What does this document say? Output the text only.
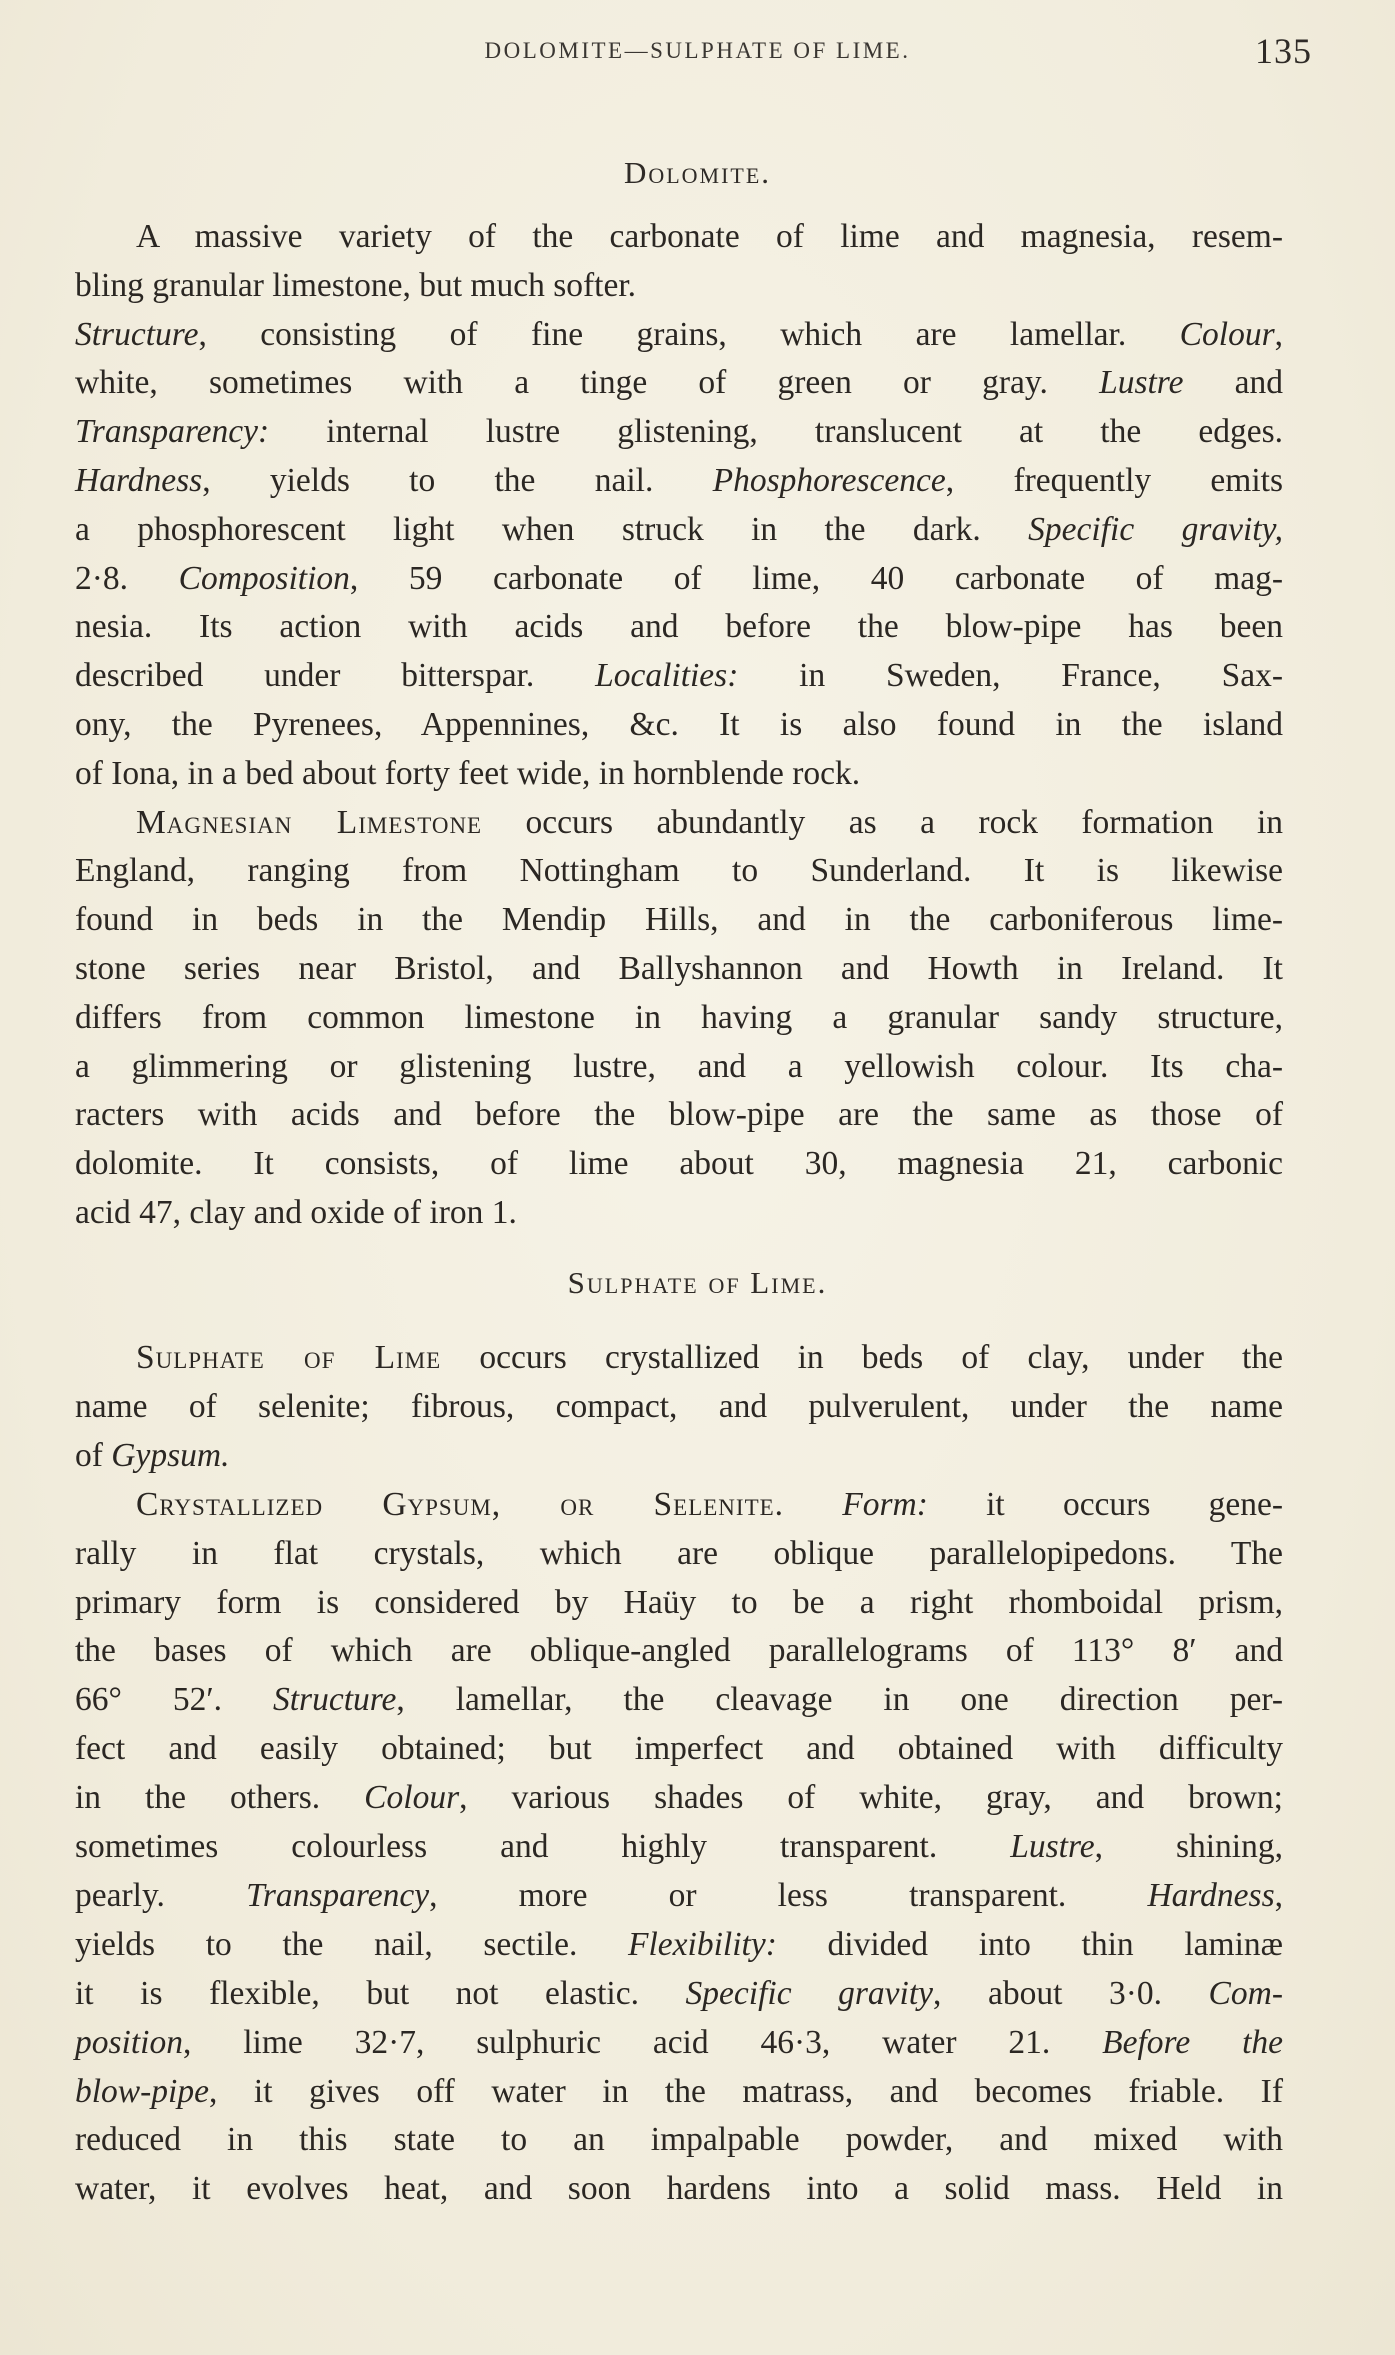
DOLOMITE—SULPHATE OF LIME.	135
Dolomite.
A massive variety of the carbonate of lime and magnesia, resem-
bling granular limestone, but much softer.
Structure, consisting of fine grains, which are lamellar. Colour,
white, sometimes with a tinge of green or gray. Lustre and
Transparency: internal lustre glistening, translucent at the edges.
Hardness, yields to the nail. Phosphorescence, frequently emits
a phosphorescent light when struck in the dark. Specific gravity,
2·8. Composition, 59 carbonate of lime, 40 carbonate of mag-
nesia. Its action with acids and before the blow-pipe has been
described under bitterspar. Localities: in Sweden, France, Sax-
ony, the Pyrenees, Appennines, &c. It is also found in the island
of Iona, in a bed about forty feet wide, in hornblende rock.
Magnesian Limestone occurs abundantly as a rock formation in
England, ranging from Nottingham to Sunderland. It is likewise
found in beds in the Mendip Hills, and in the carboniferous lime-
stone series near Bristol, and Ballyshannon and Howth in Ireland. It
differs from common limestone in having a granular sandy structure,
a glimmering or glistening lustre, and a yellowish colour. Its cha-
racters with acids and before the blow-pipe are the same as those of
dolomite. It consists, of lime about 30, magnesia 21, carbonic
acid 47, clay and oxide of iron 1.
Sulphate of Lime.
Sulphate of Lime occurs crystallized in beds of clay, under the
name of selenite; fibrous, compact, and pulverulent, under the name
of Gypsum.
Crystallized Gypsum, or Selenite. Form: it occurs gene-
rally in flat crystals, which are oblique parallelopipedons. The
primary form is considered by Haüy to be a right rhomboidal prism,
the bases of which are oblique-angled parallelograms of 113° 8′ and
66° 52′. Structure, lamellar, the cleavage in one direction per-
fect and easily obtained; but imperfect and obtained with difficulty
in the others. Colour, various shades of white, gray, and brown;
sometimes colourless and highly transparent. Lustre, shining,
pearly. Transparency, more or less transparent. Hardness,
yields to the nail, sectile. Flexibility: divided into thin laminæ
it is flexible, but not elastic. Specific gravity, about 3·0. Com-
position, lime 32·7, sulphuric acid 46·3, water 21. Before the
blow-pipe, it gives off water in the matrass, and becomes friable. If
reduced in this state to an impalpable powder, and mixed with
water, it evolves heat, and soon hardens into a solid mass. Held in
